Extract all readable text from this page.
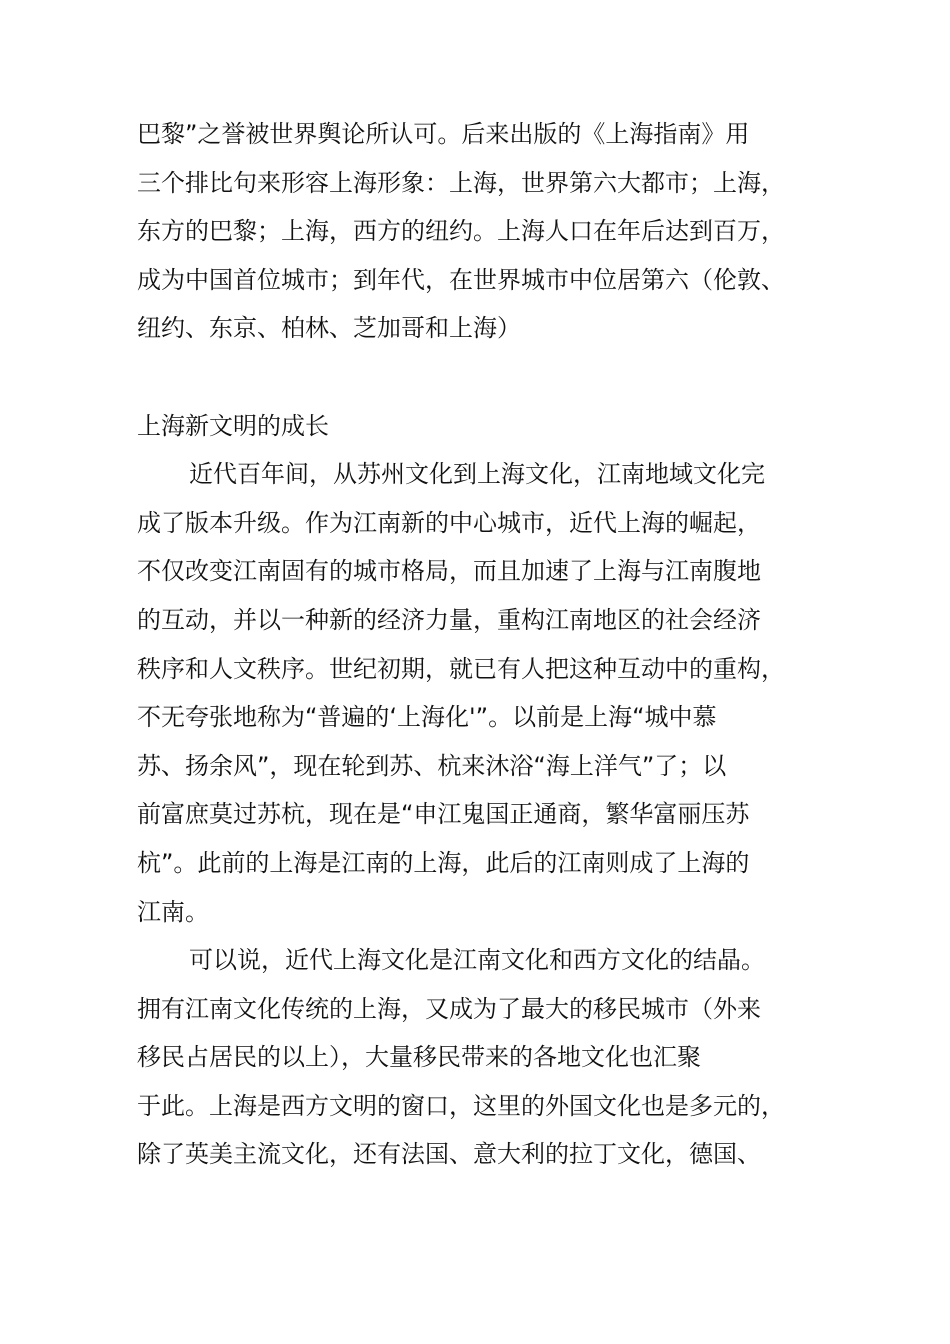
巴黎”之誉被世界舆论所认可。后来出版的《上海指南》用
三个排比句来形容上海形象：上海，世界第六大都市；上海，
东方的巴黎；上海，西方的纽约。上海人口在年后达到百万，
成为中国首位城市；到年代，在世界城市中位居第六（伦敦、
纽约、东京、柏林、芝加哥和上海）
上海新文明的成长
近代百年间，从苏州文化到上海文化，江南地域文化完
成了版本升级。作为江南新的中心城市，近代上海的崛起，
不仅改变江南固有的城市格局，而且加速了上海与江南腹地
的互动，并以一种新的经济力量，重构江南地区的社会经济
秩序和人文秩序。世纪初期，就已有人把这种互动中的重构，
不无夸张地称为“普遍的‘上海化'”。以前是上海“城中慕
苏、扬余风”，现在轮到苏、杭来沐浴“海上洋气”了；以
前富庶莫过苏杭，现在是“申江鬼国正通商，繁华富丽压苏
杭”。此前的上海是江南的上海，此后的江南则成了上海的
江南。
可以说，近代上海文化是江南文化和西方文化的结晶。
拥有江南文化传统的上海，又成为了最大的移民城市（外来
移民占居民的以上），大量移民带来的各地文化也汇聚
于此。上海是西方文明的窗口，这里的外国文化也是多元的，
除了英美主流文化，还有法国、意大利的拉丁文化，德国、
